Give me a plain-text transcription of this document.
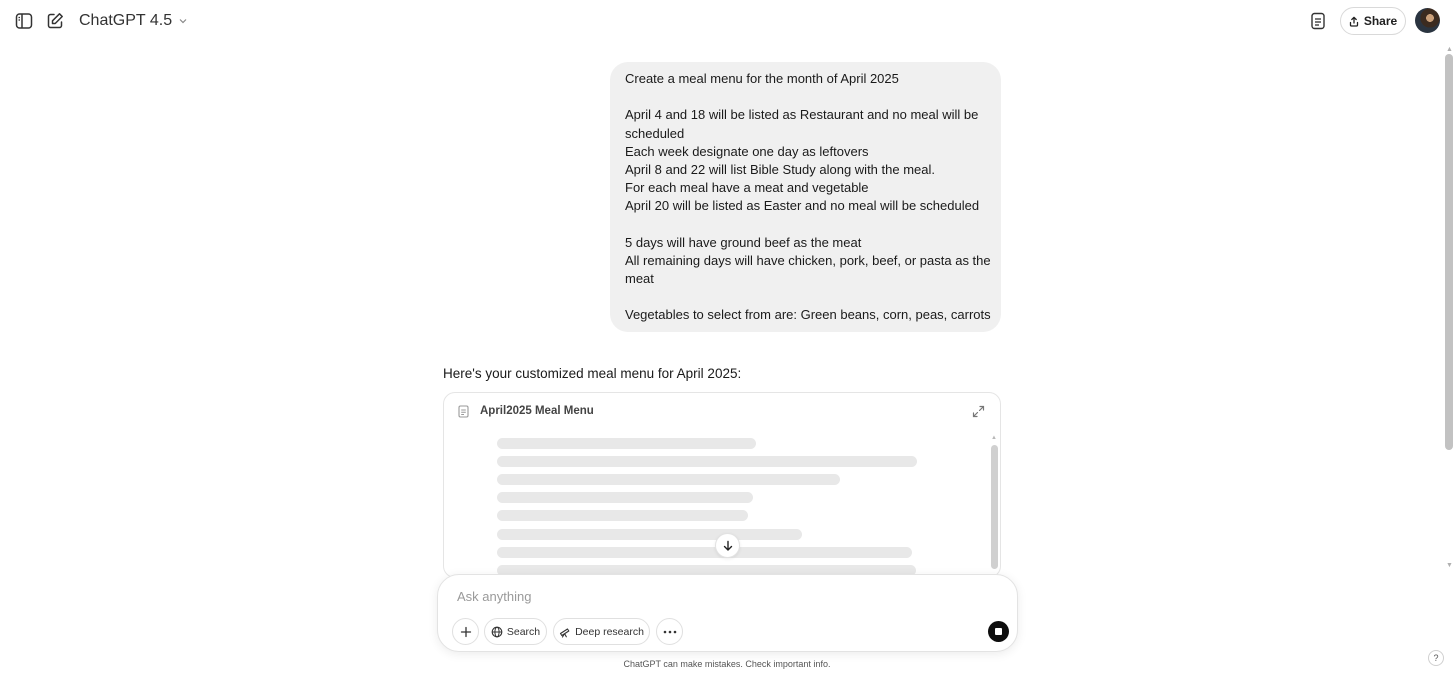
ChatGPT 4.5	Share
▲
▼
Create a meal menu for the month of April 2025
April 4 and 18 will be listed as Restaurant and no meal will be
scheduled
Each week designate one day as leftovers
April 8 and 22 will list Bible Study along with the meal.
For each meal have a meat and vegetable
April 20 will be listed as Easter and no meal will be scheduled
5 days will have ground beef as the meat
All remaining days will have chicken, pork, beef, or pasta as the
meat
Vegetables to select from are: Green beans, corn, peas, carrots
Here's your customized meal menu for April 2025:
April2025 Meal Menu
▲
Ask anything
Search	Deep research
ChatGPT can make mistakes. Check important info.
?
